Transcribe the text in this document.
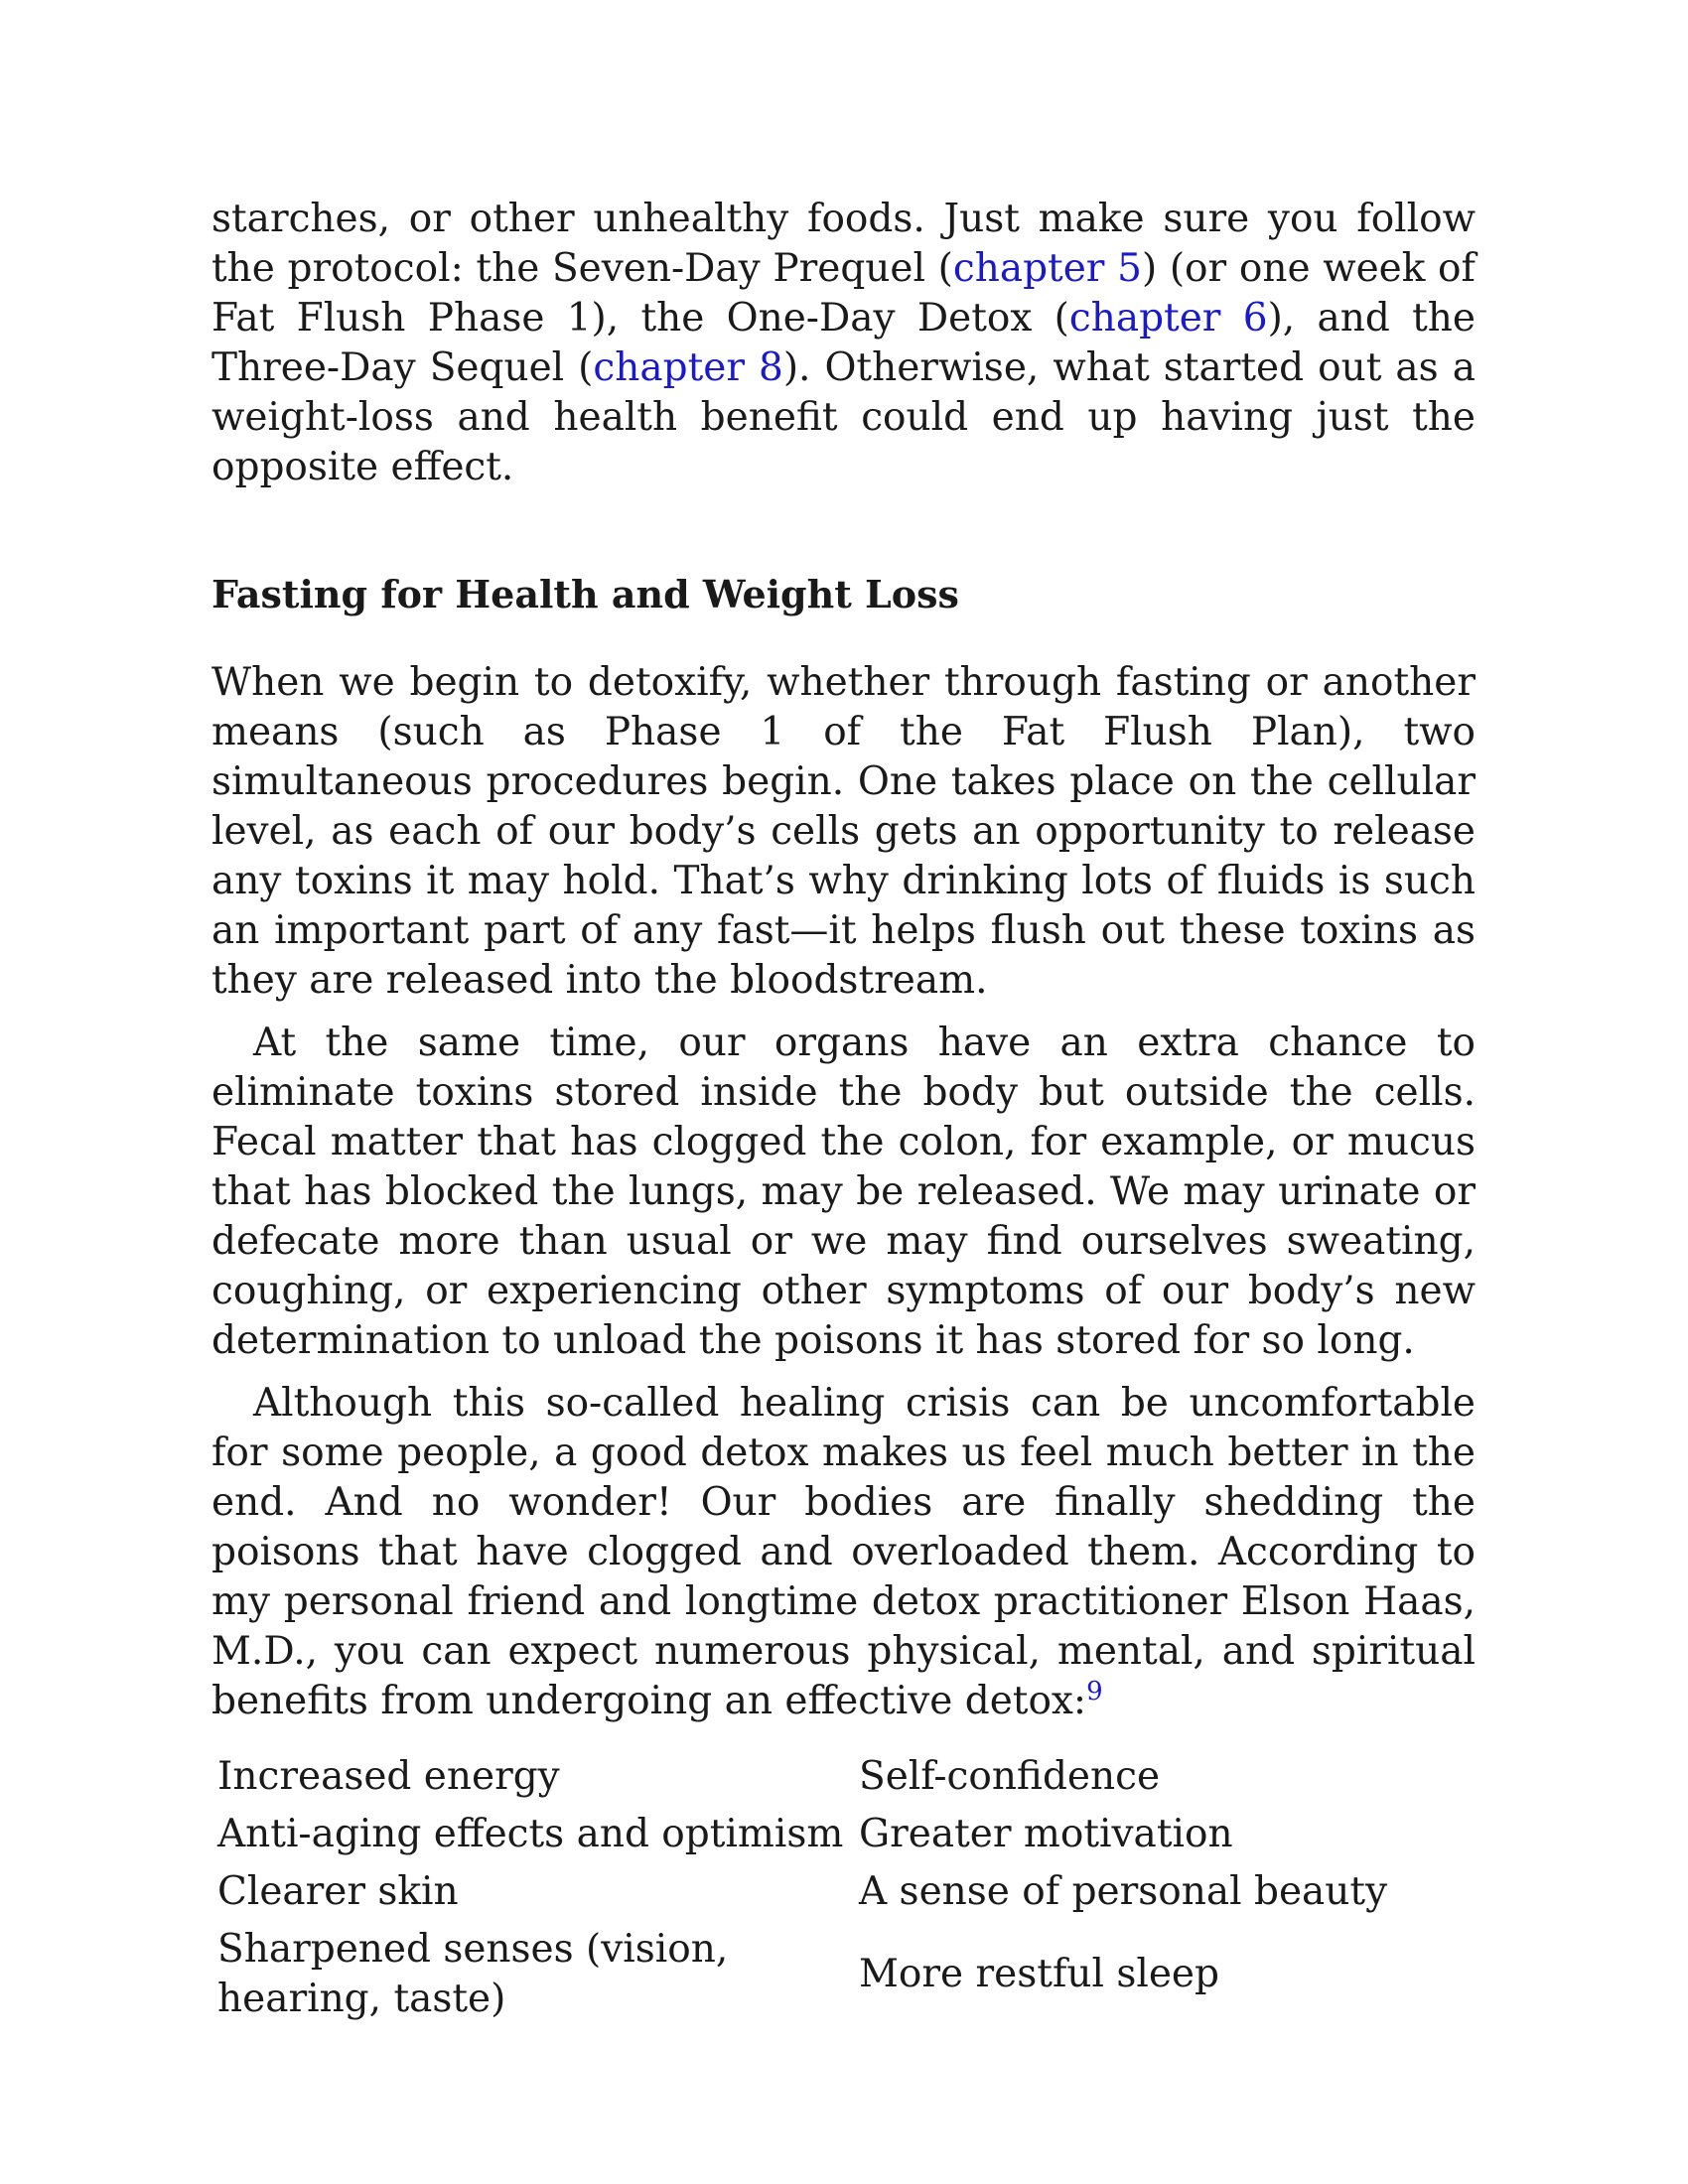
starches, or other unhealthy foods. Just make sure you follow the protocol: the Seven-Day Prequel (chapter 5) (or one week of Fat Flush Phase 1), the One-Day Detox (chapter 6), and the Three-Day Sequel (chapter 8). Otherwise, what started out as a weight-loss and health benefit could end up having just the opposite effect.

Fasting for Health and Weight Loss

When we begin to detoxify, whether through fasting or another means (such as Phase 1 of the Fat Flush Plan), two simultaneous procedures begin. One takes place on the cellular level, as each of our body’s cells gets an opportunity to release any toxins it may hold. That’s why drinking lots of fluids is such an important part of any fast—it helps flush out these toxins as they are released into the bloodstream.

At the same time, our organs have an extra chance to eliminate toxins stored inside the body but outside the cells. Fecal matter that has clogged the colon, for example, or mucus that has blocked the lungs, may be released. We may urinate or defecate more than usual or we may find ourselves sweating, coughing, or experiencing other symptoms of our body’s new determination to unload the poisons it has stored for so long.

Although this so-called healing crisis can be uncomfortable for some people, a good detox makes us feel much better in the end. And no wonder! Our bodies are finally shedding the poisons that have clogged and overloaded them. According to my personal friend and longtime detox practitioner Elson Haas, M.D., you can expect numerous physical, mental, and spiritual benefits from undergoing an effective detox:$^9$

Increased energy	Self-confidence
Anti-aging effects and optimism	Greater motivation
Clearer skin	A sense of personal beauty
Sharpened senses (vision, hearing, taste)	More restful sleep
